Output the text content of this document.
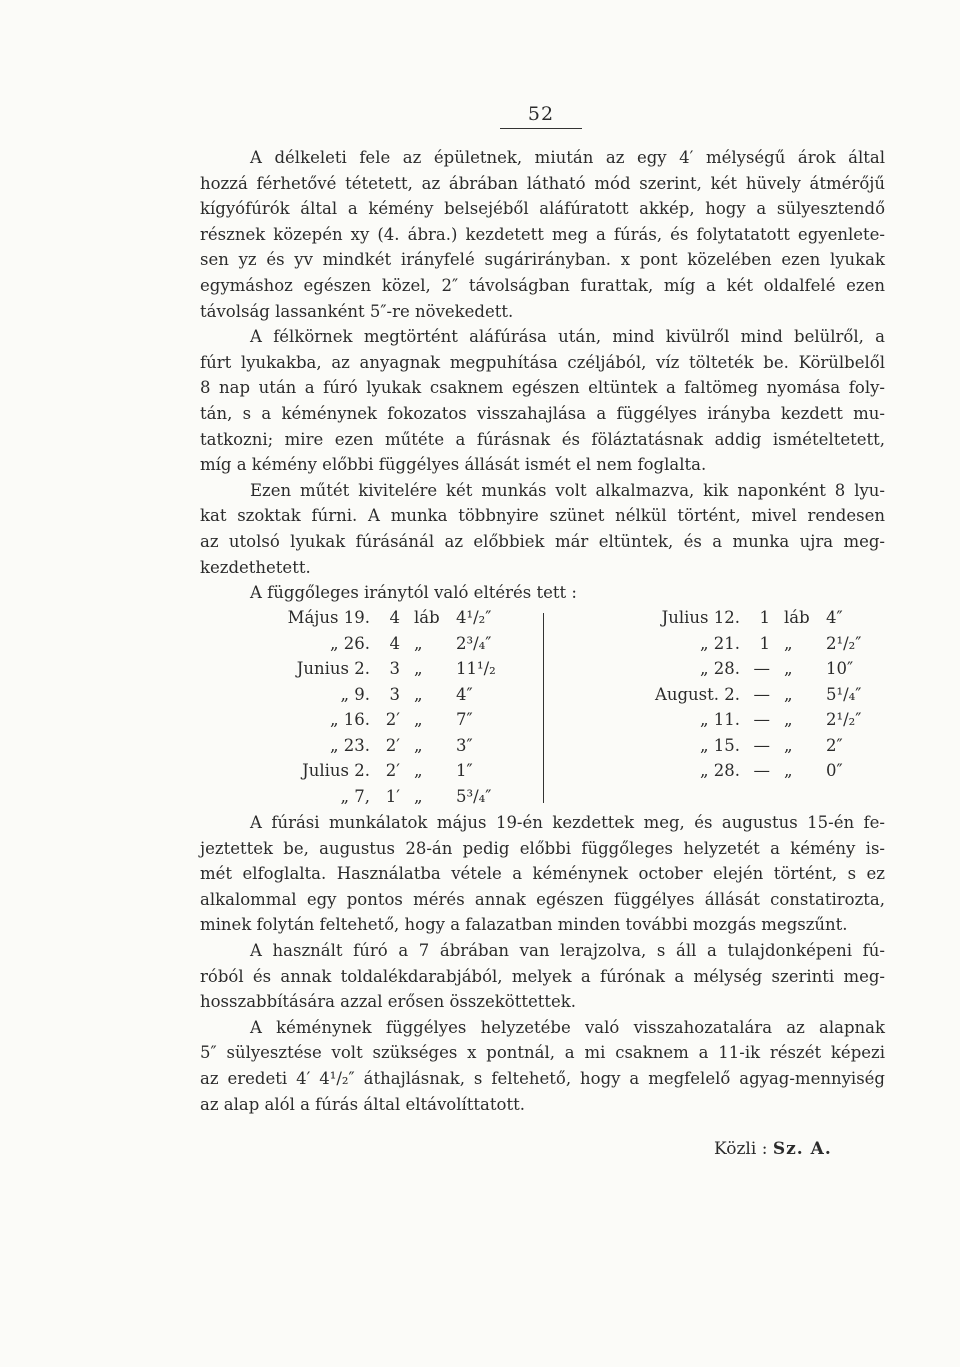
52
A délkeleti fele az épületnek, miután az egy 4′ mélységű árok által
hozzá férhetővé tétetett, az ábrában látható mód szerint, két hüvely átmérőjű
kígyófúrók által a kémény belsejéből aláfúratott akkép, hogy a sülyesztendő
résznek közepén xy (4. ábra.) kezdetett meg a fúrás, és folytatatott egyenlete-
sen yz és yv mindkét irányfelé sugárirányban. x pont közelében ezen lyukak
egymáshoz egészen közel, 2″ távolságban furattak, míg a két oldalfelé ezen
távolság lassanként 5″-re növekedett.
A félkörnek megtörtént aláfúrása után, mind kivülről mind belülről, a
fúrt lyukakba, az anyagnak megpuhítása czéljából, víz tölteték be. Körülbelől
8 nap után a fúró lyukak csaknem egészen eltüntek a faltömeg nyomása foly-
tán, s a kéménynek fokozatos visszahajlása a függélyes irányba kezdett mu-
tatkozni; mire ezen műtéte a fúrásnak és föláztatásnak addig ismételtetett,
míg a kémény előbbi függélyes állását ismét el nem foglalta.
Ezen műtét kivitelére két munkás volt alkalmazva, kik naponként 8 lyu-
kat szoktak fúrni. A munka többnyire szünet nélkül történt, mivel rendesen
az utolsó lyukak fúrásánál az előbbiek már eltüntek, és a munka ujra meg-
kezdethetett.
A függőleges iránytól való eltérés tett :
Május 19.	4 láb 4¹/₂″
„ 26.	4 „	2³/₄″
Junius 2.	3 „	11¹/₂
„ 9.	3 „	4″
„ 16. 2′ „	7″
„ 23. 2′ „	3″
Julius 2. 2′ „	1″
„ 7, 1′ „	5³/₄″
Julius 12.	1 láb 4″
„ 21.	1 „	2¹/₂″
„ 28. — „	10″
August. 2. — „	5¹/₄″
„ 11. — „	2¹/₂″
„ 15. — „	2″
„ 28. — „	0″
A fúrási munkálatok május 19-én kezdettek meg, és augustus 15-én fe-
jeztettek be, augustus 28-án pedig előbbi függőleges helyzetét a kémény is-
mét elfoglalta. Használatba vétele a kéménynek october elején történt, s ez
alkalommal egy pontos mérés annak egészen függélyes állását constatirozta,
minek folytán feltehető, hogy a falazatban minden további mozgás megszűnt.
A használt fúró a 7 ábrában van lerajzolva, s áll a tulajdonképeni fú-
róból és annak toldalékdarabjából, melyek a fúrónak a mélység szerinti meg-
hosszabbítására azzal erősen összeköttettek.
A kéménynek függélyes helyzetébe való visszahozatalára az alapnak
5″ sülyesztése volt szükséges x pontnál, a mi csaknem a 11-ik részét képezi
az eredeti 4′ 4¹/₂″ áthajlásnak, s feltehető, hogy a megfelelő agyag-mennyiség
az alap alól a fúrás által eltávolíttatott.
Közli : Sz. A.
